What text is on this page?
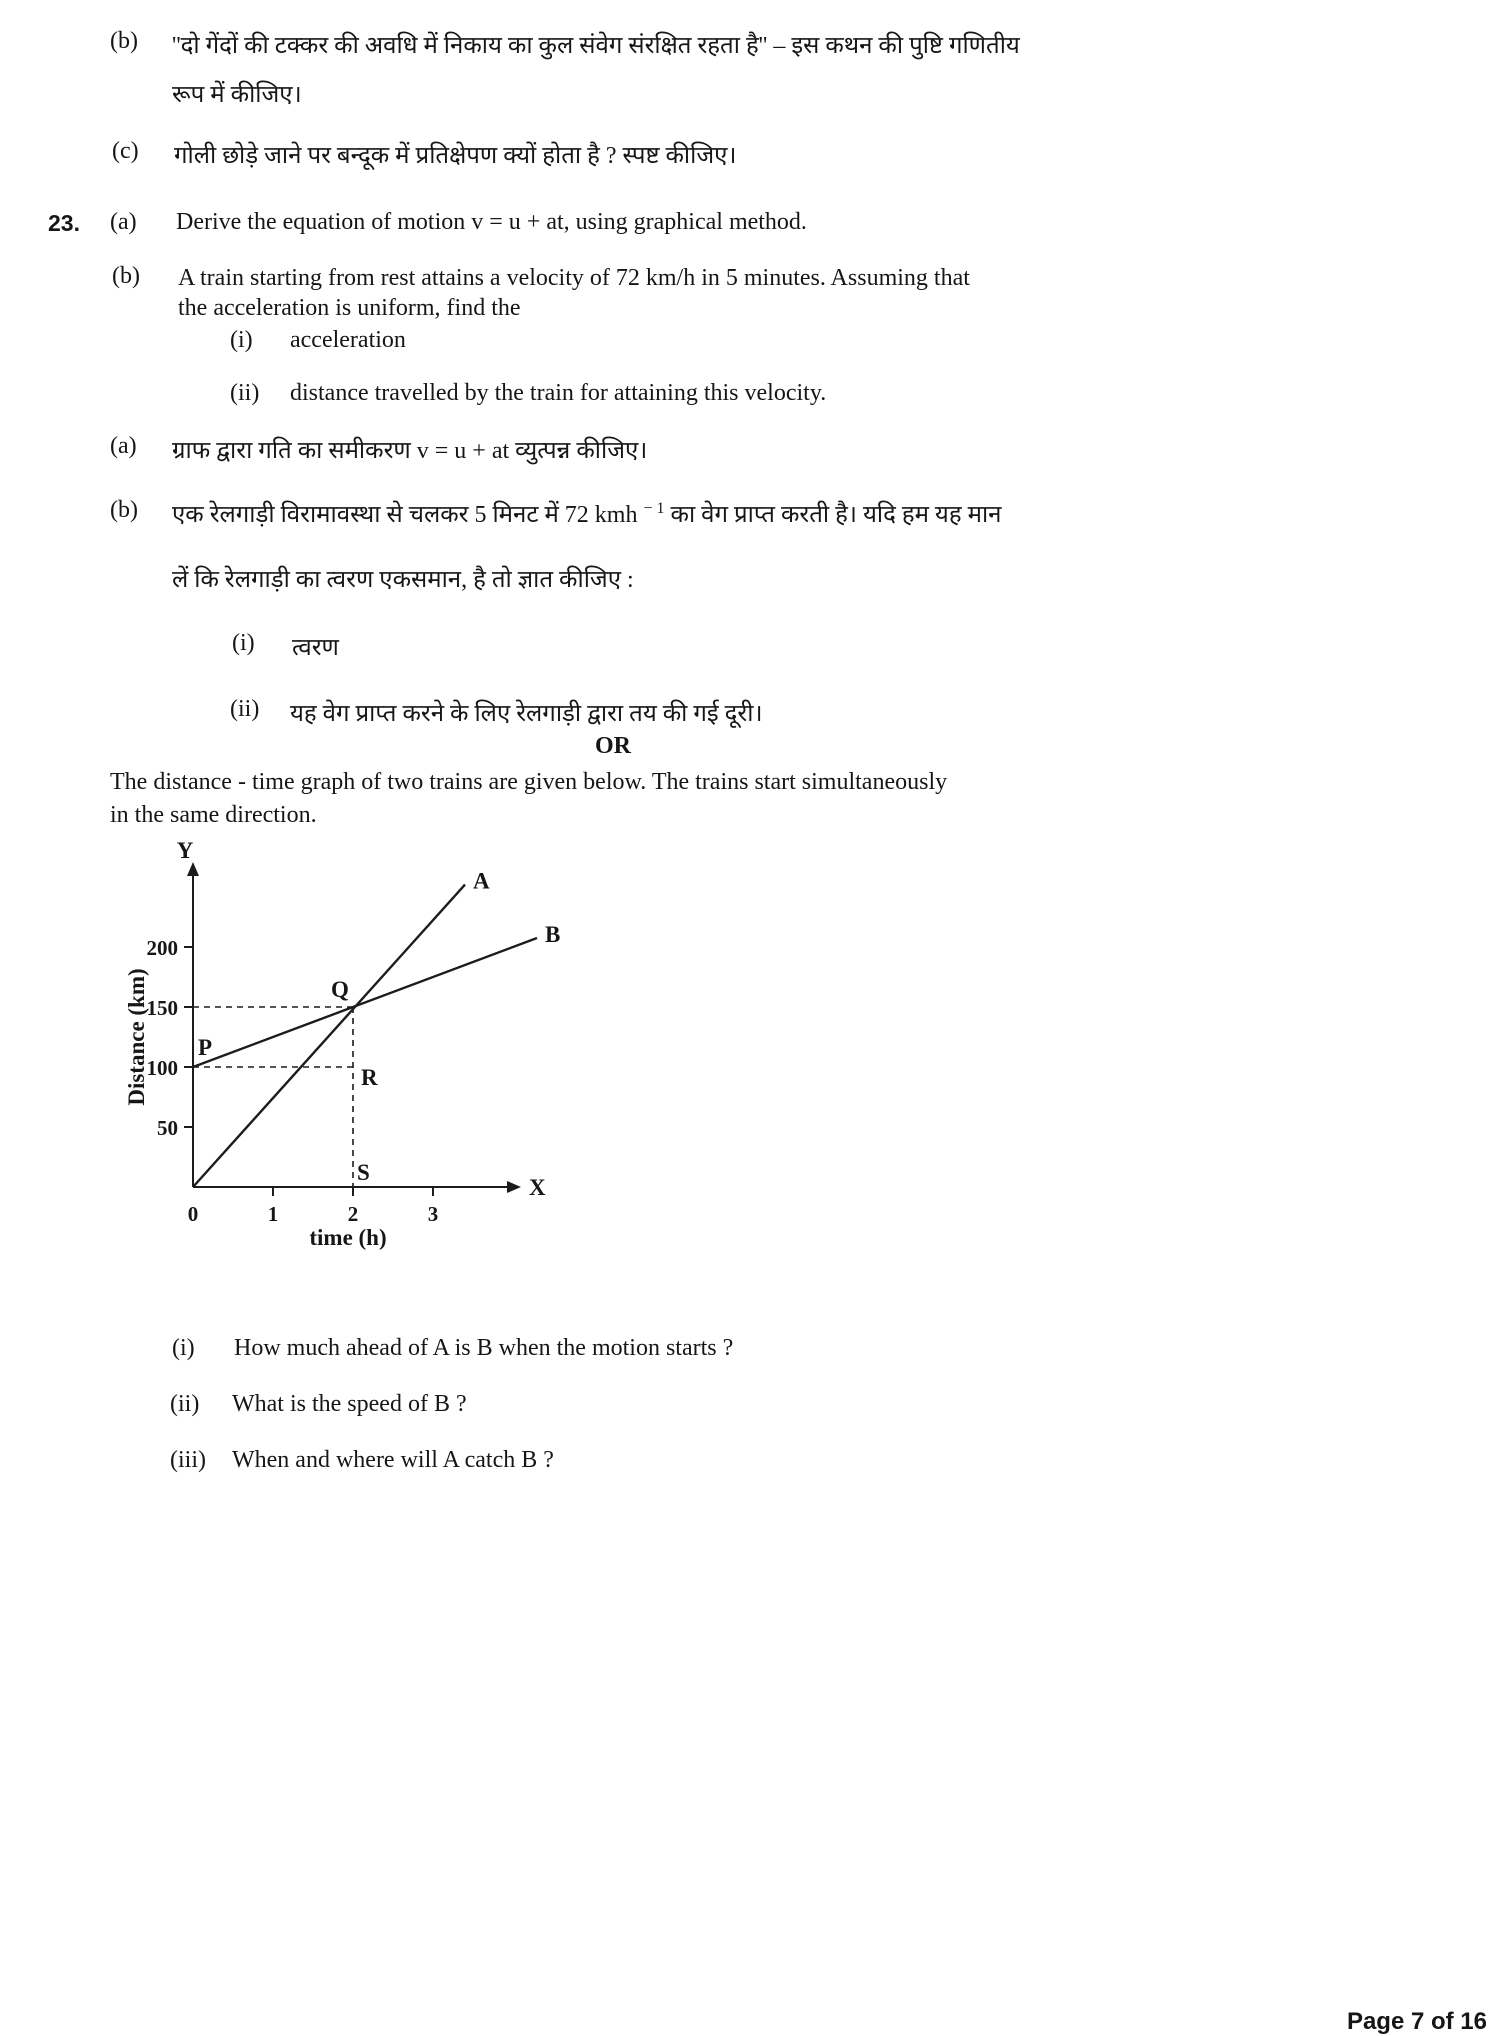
(b)	''दो गेंदों की टक्कर की अवधि में निकाय का कुल संवेग संरक्षित रहता है'' – इस कथन की पुष्टि गणितीय
रूप में कीजिए।
(c)	गोली छोड़े जाने पर बन्दूक में प्रतिक्षेपण क्यों होता है ? स्पष्ट कीजिए।
23. (a)	Derive the equation of motion v = u + at, using graphical method.
(b)	A train starting from rest attains a velocity of 72 km/h in 5 minutes. Assuming that
the acceleration is uniform, find the
(i)	acceleration
(ii)	distance travelled by the train for attaining this velocity.
(a)	ग्राफ द्वारा गति का समीकरण v = u + at व्युत्पन्न कीजिए।
(b)	एक रेलगाड़ी विरामावस्था से चलकर 5 मिनट में 72 kmh $^{- 1}$ का वेग प्राप्त करती है। यदि हम यह मान
लें कि रेलगाड़ी का त्वरण एकसमान, है तो ज्ञात कीजिए :
(i)	त्वरण
(ii)	यह वेग प्राप्त करने के लिए रेलगाड़ी द्वारा तय की गई दूरी।
OR
The distance - time graph of two trains are given below. The trains start simultaneously
in the same direction.
Y
X
50
100
150
200
0	1	2	3
A
B
P
Q
R
S
time (h)
Distance (km)
(i)	How much ahead of A is B when the motion starts ?
(ii)	What is the speed of B ?
(iii)	When and where will A catch B ?
Page 7 of 16
